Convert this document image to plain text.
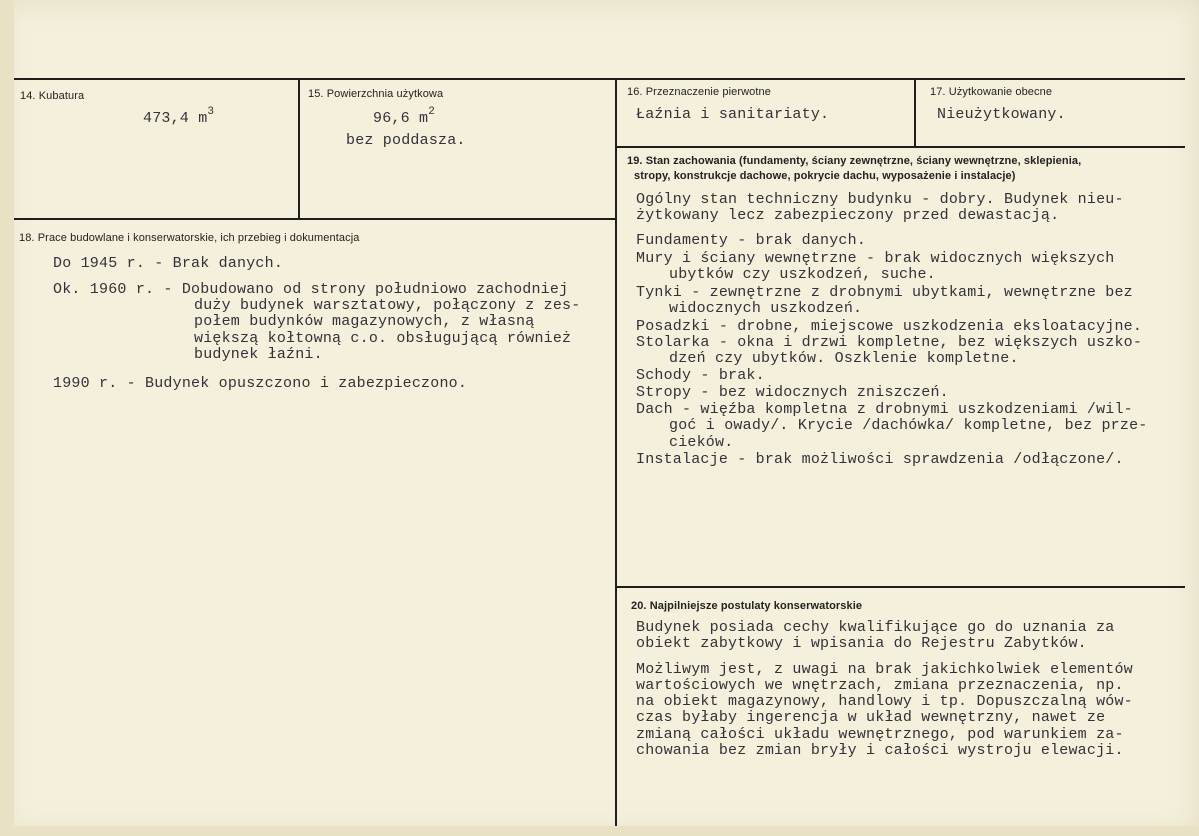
14. Kubatura
473,4 $m^3$
15. Powierzchnia użytkowa
96,6 $m^2$
bez poddasza.
16. Przeznaczenie pierwotne
Łaźnia i sanitariaty.
17. Użytkowanie obecne
Nieużytkowany.
18. Prace budowlane i konserwatorskie, ich przebieg i dokumentacja
Do 1945 r. - Brak danych.
Ok. 1960 r. - Dobudowano od strony południowo zachodniej
duży budynek warsztatowy, połączony z zes-
połem budynków magazynowych, z własną
większą kołtowną c.o. obsługującą również
budynek łaźni.
1990 r. - Budynek opuszczono i zabezpieczono.
19. Stan zachowania (fundamenty, ściany zewnętrzne, ściany wewnętrzne, sklepienia,
stropy, konstrukcje dachowe, pokrycie dachu, wyposażenie i instalacje)
Ogólny stan techniczny budynku - dobry. Budynek nieu-
żytkowany lecz zabezpieczony przed dewastacją.
Fundamenty - brak danych.
Mury i ściany wewnętrzne - brak widocznych większych
ubytków czy uszkodzeń, suche.
Tynki - zewnętrzne z drobnymi ubytkami, wewnętrzne bez
widocznych uszkodzeń.
Posadzki - drobne, miejscowe uszkodzenia eksloatacyjne.
Stolarka - okna i drzwi kompletne, bez większych uszko-
dzeń czy ubytków. Oszklenie kompletne.
Schody - brak.
Stropy - bez widocznych zniszczeń.
Dach - więźba kompletna z drobnymi uszkodzeniami /wil-
goć i owady/. Krycie /dachówka/ kompletne, bez prze-
cieków.
Instalacje - brak możliwości sprawdzenia /odłączone/.
20. Najpilniejsze postulaty konserwatorskie
Budynek posiada cechy kwalifikujące go do uznania za
obiekt zabytkowy i wpisania do Rejestru Zabytków.
Możliwym jest, z uwagi na brak jakichkolwiek elementów
wartościowych we wnętrzach, zmiana przeznaczenia, np.
na obiekt magazynowy, handlowy i tp. Dopuszczalną wów-
czas byłaby ingerencja w układ wewnętrzny, nawet ze
zmianą całości układu wewnętrznego, pod warunkiem za-
chowania bez zmian bryły i całości wystroju elewacji.
